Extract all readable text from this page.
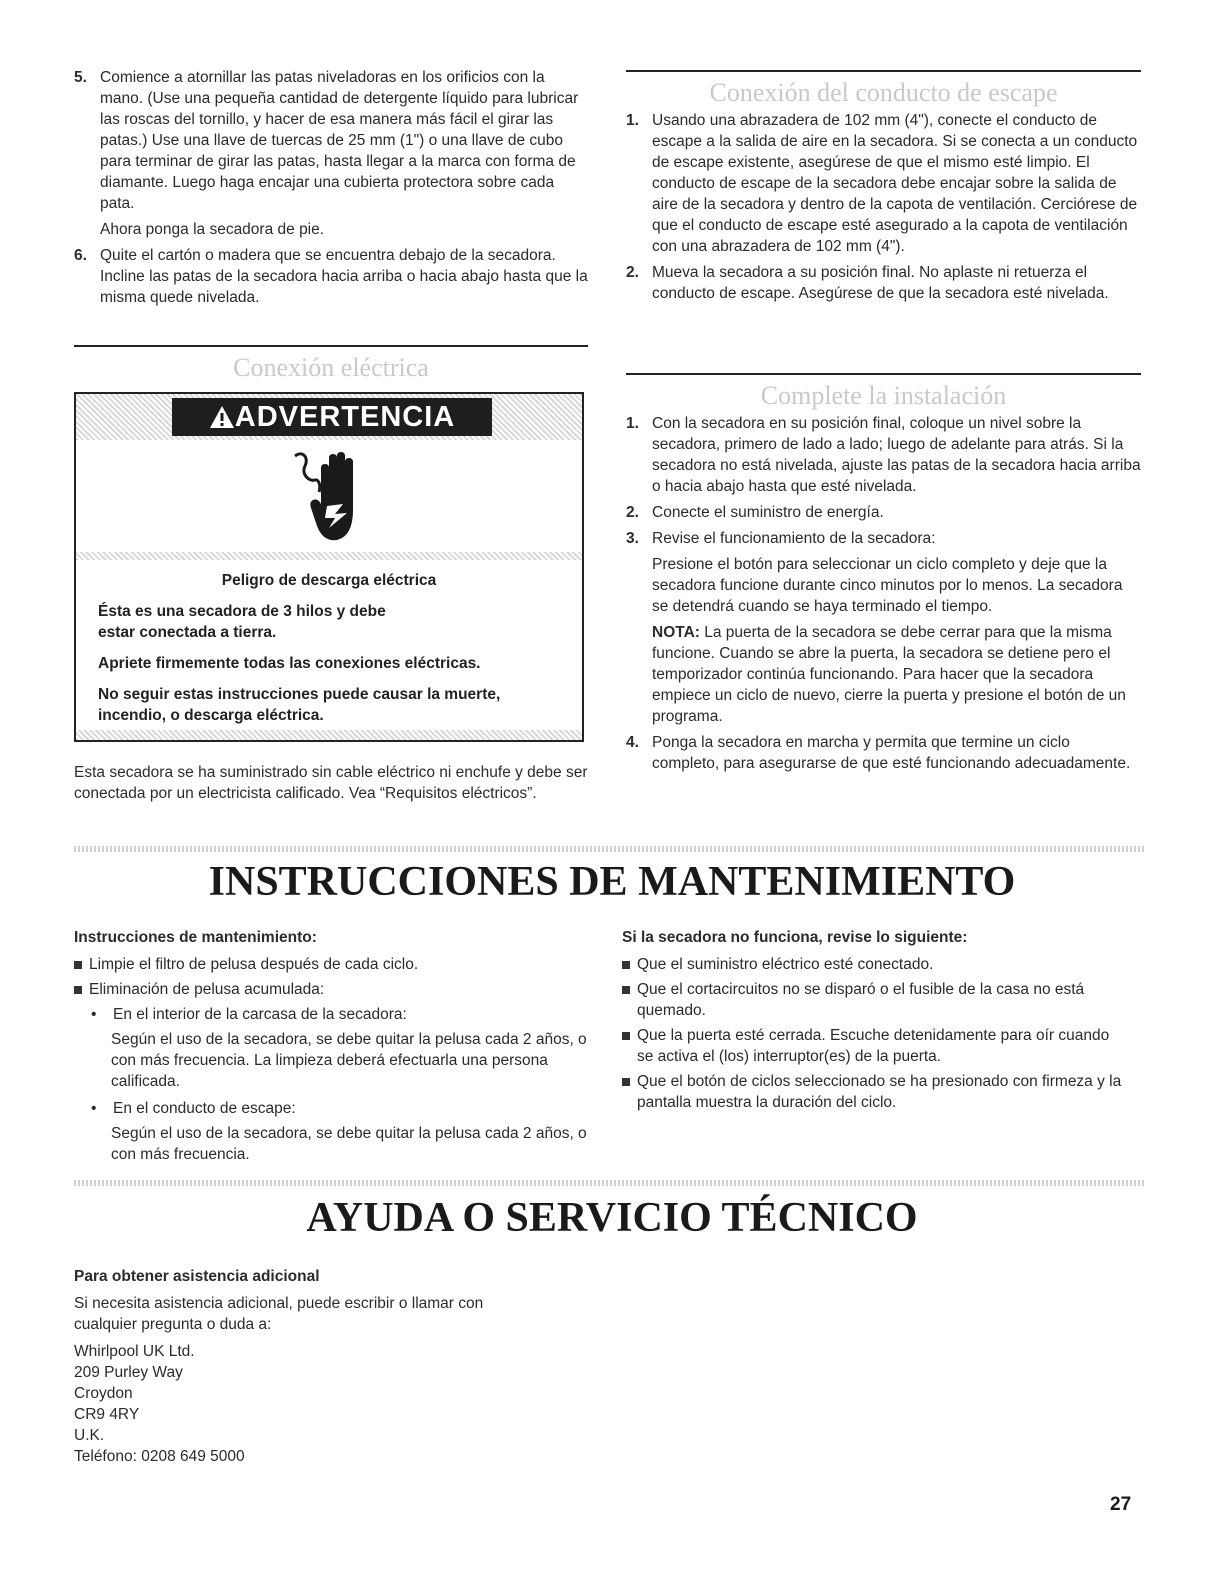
5. Comience a atornillar las patas niveladoras en los orificios con la mano. (Use una pequeña cantidad de detergente líquido para lubricar las roscas del tornillo, y hacer de esa manera más fácil el girar las patas.) Use una llave de tuercas de 25 mm (1") o una llave de cubo para terminar de girar las patas, hasta llegar a la marca con forma de diamante. Luego haga encajar una cubierta protectora sobre cada pata.
Ahora ponga la secadora de pie.
6. Quite el cartón o madera que se encuentra debajo de la secadora. Incline las patas de la secadora hacia arriba o hacia abajo hasta que la misma quede nivelada.
Conexión eléctrica
ADVERTENCIA

Peligro de descarga eléctrica

Ésta es una secadora de 3 hilos y debe estar conectada a tierra.

Apriete firmemente todas las conexiones eléctricas.

No seguir estas instrucciones puede causar la muerte, incendio, o descarga eléctrica.

Esta secadora se ha suministrado sin cable eléctrico ni enchufe y debe ser conectada por un electricista calificado. Vea “Requisitos eléctricos”.
Conexión del conducto de escape
1. Usando una abrazadera de 102 mm (4"), conecte el conducto de escape a la salida de aire en la secadora. Si se conecta a un conducto de escape existente, asegúrese de que el mismo esté limpio. El conducto de escape de la secadora debe encajar sobre la salida de aire de la secadora y dentro de la capota de ventilación. Cerciórese de que el conducto de escape esté asegurado a la capota de ventilación con una abrazadera de 102 mm (4").
2. Mueva la secadora a su posición final. No aplaste ni retuerza el conducto de escape. Asegúrese de que la secadora esté nivelada.
Complete la instalación
1. Con la secadora en su posición final, coloque un nivel sobre la secadora, primero de lado a lado; luego de adelante para atrás. Si la secadora no está nivelada, ajuste las patas de la secadora hacia arriba o hacia abajo hasta que esté nivelada.
2. Conecte el suministro de energía.
3. Revise el funcionamiento de la secadora:
Presione el botón para seleccionar un ciclo completo y deje que la secadora funcione durante cinco minutos por lo menos. La secadora se detendrá cuando se haya terminado el tiempo.
NOTA: La puerta de la secadora se debe cerrar para que la misma funcione. Cuando se abre la puerta, la secadora se detiene pero el temporizador continúa funcionando. Para hacer que la secadora empiece un ciclo de nuevo, cierre la puerta y presione el botón de un programa.
4. Ponga la secadora en marcha y permita que termine un ciclo completo, para asegurarse de que esté funcionando adecuadamente.
INSTRUCCIONES DE MANTENIMIENTO
Instrucciones de mantenimiento:
Limpie el filtro de pelusa después de cada ciclo.
Eliminación de pelusa acumulada:
•	En el interior de la carcasa de la secadora:
Según el uso de la secadora, se debe quitar la pelusa cada 2 años, o con más frecuencia. La limpieza deberá efectuarla una persona calificada.
•	En el conducto de escape:
Según el uso de la secadora, se debe quitar la pelusa cada 2 años, o con más frecuencia.
Si la secadora no funciona, revise lo siguiente:
Que el suministro eléctrico esté conectado.
Que el cortacircuitos no se disparó o el fusible de la casa no está quemado.
Que la puerta esté cerrada. Escuche detenidamente para oír cuando se activa el (los) interruptor(es) de la puerta.
Que el botón de ciclos seleccionado se ha presionado con firmeza y la pantalla muestra la duración del ciclo.
AYUDA O SERVICIO TÉCNICO
Para obtener asistencia adicional
Si necesita asistencia adicional, puede escribir o llamar con cualquier pregunta o duda a:
Whirlpool UK Ltd.
209 Purley Way
Croydon
CR9 4RY
U.K.
Teléfono: 0208 649 5000
27
